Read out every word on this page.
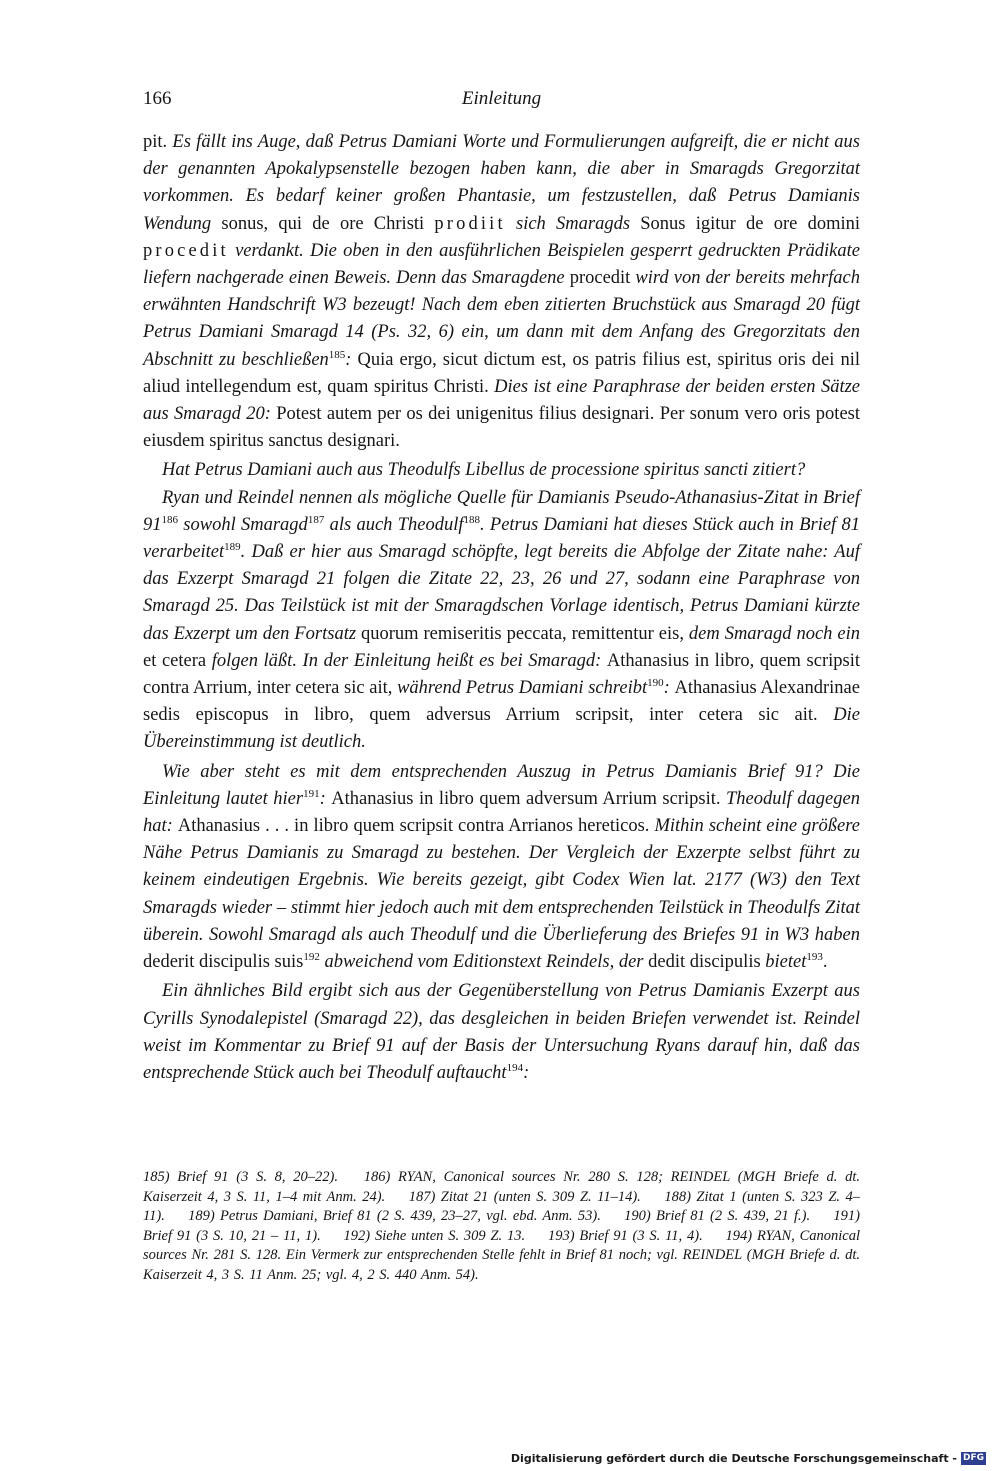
166	Einleitung

pit. Es fällt ins Auge, daß Petrus Damiani Worte und Formulierungen aufgreift, die er nicht aus der genannten Apokalypsenstelle bezogen haben kann, die aber in Smaragds Gregorzitat vorkommen. Es bedarf keiner großen Phantasie, um festzustellen, daß Petrus Damianis Wendung sonus, qui de ore Christi prodiit sich Smaragds Sonus igitur de ore domini procedit verdankt. Die oben in den ausführlichen Beispielen gesperrt gedruckten Prädikate liefern nachgerade einen Beweis. Denn das Smaragdene procedit wird von der bereits mehrfach erwähnten Handschrift W3 bezeugt! Nach dem eben zitierten Bruchstück aus Smaragd 20 fügt Petrus Damiani Smaragd 14 (Ps. 32, 6) ein, um dann mit dem Anfang des Gregorzitats den Abschnitt zu beschließen$^{185}$: Quia ergo, sicut dictum est, os patris filius est, spiritus oris dei nil aliud intellegendum est, quam spiritus Christi. Dies ist eine Paraphrase der beiden ersten Sätze aus Smaragd 20: Potest autem per os dei unigenitus filius designari. Per sonum vero oris potest eiusdem spiritus sanctus designari.

Hat Petrus Damiani auch aus Theodulfs Libellus de processione spiritus sancti zitiert?

Ryan und Reindel nennen als mögliche Quelle für Damianis Pseudo-Athanasius-Zitat in Brief $91^{186}$ sowohl Smaragd$^{187}$ als auch Theodulf$^{188}$. Petrus Damiani hat dieses Stück auch in Brief 81 verarbeitet$^{189}$. Daß er hier aus Smaragd schöpfte, legt bereits die Abfolge der Zitate nahe: Auf das Exzerpt Smaragd 21 folgen die Zitate 22, 23, 26 und 27, sodann eine Paraphrase von Smaragd 25. Das Teilstück ist mit der Smaragdschen Vorlage identisch, Petrus Damiani kürzte das Exzerpt um den Fortsatz quorum remiseritis peccata, remittentur eis, dem Smaragd noch ein et cetera folgen läßt. In der Einleitung heißt es bei Smaragd: Athanasius in libro, quem scripsit contra Arrium, inter cetera sic ait, während Petrus Damiani schreibt$^{190}$: Athanasius Alexandrinae sedis episcopus in libro, quem adversus Arrium scripsit, inter cetera sic ait. Die Übereinstimmung ist deutlich.

Wie aber steht es mit dem entsprechenden Auszug in Petrus Damianis Brief 91? Die Einleitung lautet hier$^{191}$: Athanasius in libro quem adversum Arrium scripsit. Theodulf dagegen hat: Athanasius . . . in libro quem scripsit contra Arrianos hereticos. Mithin scheint eine größere Nähe Petrus Damianis zu Smaragd zu bestehen. Der Vergleich der Exzerpte selbst führt zu keinem eindeutigen Ergebnis. Wie bereits gezeigt, gibt Codex Wien lat. 2177 (W3) den Text Smaragds wieder – stimmt hier jedoch auch mit dem entsprechenden Teilstück in Theodulfs Zitat überein. Sowohl Smaragd als auch Theodulf und die Überlieferung des Briefes 91 in W3 haben dederit discipulis suis$^{192}$ abweichend vom Editionstext Reindels, der dedit discipulis bietet$^{193}$.

Ein ähnliches Bild ergibt sich aus der Gegenüberstellung von Petrus Damianis Exzerpt aus Cyrills Synodalepistel (Smaragd 22), das desgleichen in beiden Briefen verwendet ist. Reindel weist im Kommentar zu Brief 91 auf der Basis der Untersuchung Ryans darauf hin, daß das entsprechende Stück auch bei Theodulf auftaucht$^{194}$:

185) Brief 91 (3 S. 8, 20–22). 186) RYAN, Canonical sources Nr. 280 S. 128; REINDEL (MGH Briefe d. dt. Kaiserzeit 4, 3 S. 11, 1–4 mit Anm. 24). 187) Zitat 21 (unten S. 309 Z. 11–14). 188) Zitat 1 (unten S. 323 Z. 4–11). 189) Petrus Damiani, Brief 81 (2 S. 439, 23–27, vgl. ebd. Anm. 53). 190) Brief 81 (2 S. 439, 21 f.). 191) Brief 91 (3 S. 10, 21 – 11, 1). 192) Siehe unten S. 309 Z. 13. 193) Brief 91 (3 S. 11, 4). 194) RYAN, Canonical sources Nr. 281 S. 128. Ein Vermerk zur entsprechenden Stelle fehlt in Brief 81 noch; vgl. REINDEL (MGH Briefe d. dt. Kaiserzeit 4, 3 S. 11 Anm. 25; vgl. 4, 2 S. 440 Anm. 54).

Digitalisierung gefördert durch die Deutsche Forschungsgemeinschaft - DFG
